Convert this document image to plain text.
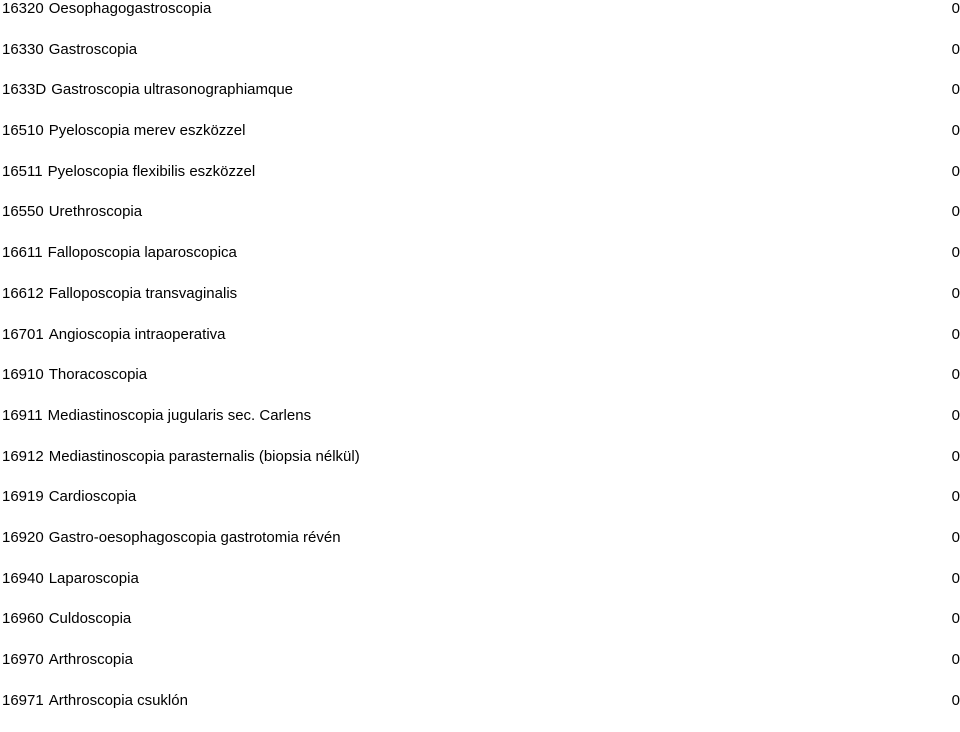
16320 Oesophagogastroscopia	0
16330 Gastroscopia	0
1633D Gastroscopia ultrasonographiamque	0
16510 Pyeloscopia merev eszközzel	0
16511 Pyeloscopia flexibilis eszközzel	0
16550 Urethroscopia	0
16611 Falloposcopia laparoscopica	0
16612 Falloposcopia transvaginalis	0
16701 Angioscopia intraoperativa	0
16910 Thoracoscopia	0
16911 Mediastinoscopia jugularis sec. Carlens	0
16912 Mediastinoscopia parasternalis (biopsia nélkül)	0
16919 Cardioscopia	0
16920 Gastro-oesophagoscopia gastrotomia révén	0
16940 Laparoscopia	0
16960 Culdoscopia	0
16970 Arthroscopia	0
16971 Arthroscopia csuklón	0
